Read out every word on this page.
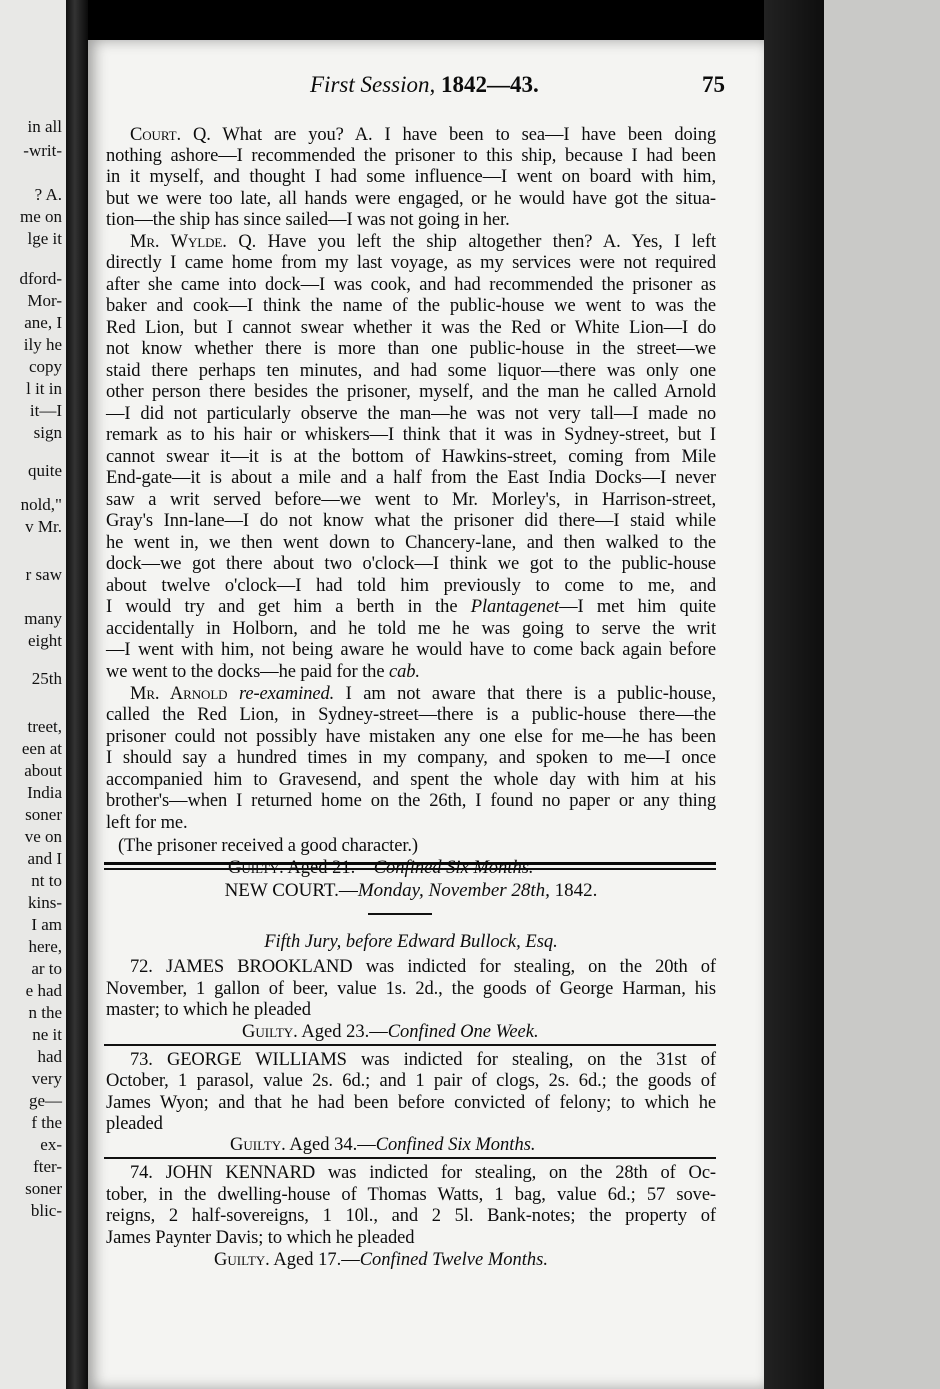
in all
-writ-
? A.
me on
lge it
dford-
Mor-
ane, I
ily he
copy
l it in
it—I
sign
quite
nold,"
v Mr.
r saw
many
eight
25th
treet,
een at
about
India
soner
ve on
and I
nt to
kins-
I am
here,
ar to
e had
n the
ne it
had
very
ge—
f the
ex-
fter-
soner
blic-
First Session, 1842—43.	75
Court. Q. What are you? A. I have been to sea—I have been doing
nothing ashore—I recommended the prisoner to this ship, because I had been
in it myself, and thought I had some influence—I went on board with him,
but we were too late, all hands were engaged, or he would have got the situa-
tion—the ship has since sailed—I was not going in her.
Mr. Wylde. Q. Have you left the ship altogether then? A. Yes, I left
directly I came home from my last voyage, as my services were not required
after she came into dock—I was cook, and had recommended the prisoner as
baker and cook—I think the name of the public-house we went to was the
Red Lion, but I cannot swear whether it was the Red or White Lion—I do
not know whether there is more than one public-house in the street—we
staid there perhaps ten minutes, and had some liquor—there was only one
other person there besides the prisoner, myself, and the man he called Arnold
—I did not particularly observe the man—he was not very tall—I made no
remark as to his hair or whiskers—I think that it was in Sydney-street, but I
cannot swear it—it is at the bottom of Hawkins-street, coming from Mile
End-gate—it is about a mile and a half from the East India Docks—I never
saw a writ served before—we went to Mr. Morley's, in Harrison-street,
Gray's Inn-lane—I do not know what the prisoner did there—I staid while
he went in, we then went down to Chancery-lane, and then walked to the
dock—we got there about two o'clock—I think we got to the public-house
about twelve o'clock—I had told him previously to come to me, and
I would try and get him a berth in the Plantagenet—I met him quite
accidentally in Holborn, and he told me he was going to serve the writ
—I went with him, not being aware he would have to come back again before
we went to the docks—he paid for the cab.
Mr. Arnold re-examined. I am not aware that there is a public-house,
called the Red Lion, in Sydney-street—there is a public-house there—the
prisoner could not possibly have mistaken any one else for me—he has been
I should say a hundred times in my company, and spoken to me—I once
accompanied him to Gravesend, and spent the whole day with him at his
brother's—when I returned home on the 26th, I found no paper or any thing
left for me.
(The prisoner received a good character.)
Guilty. Aged 21.—Confined Six Months.
NEW COURT.—Monday, November 28th, 1842.
Fifth Jury, before Edward Bullock, Esq.
72. JAMES BROOKLAND was indicted for stealing, on the 20th of
November, 1 gallon of beer, value 1s. 2d., the goods of George Harman, his
master; to which he pleaded
Guilty. Aged 23.—Confined One Week.
73. GEORGE WILLIAMS was indicted for stealing, on the 31st of
October, 1 parasol, value 2s. 6d.; and 1 pair of clogs, 2s. 6d.; the goods of
James Wyon; and that he had been before convicted of felony; to which he
pleaded
Guilty. Aged 34.—Confined Six Months.
74. JOHN KENNARD was indicted for stealing, on the 28th of Oc-
tober, in the dwelling-house of Thomas Watts, 1 bag, value 6d.; 57 sove-
reigns, 2 half-sovereigns, 1 10l., and 2 5l. Bank-notes; the property of
James Paynter Davis; to which he pleaded
Guilty. Aged 17.—Confined Twelve Months.
